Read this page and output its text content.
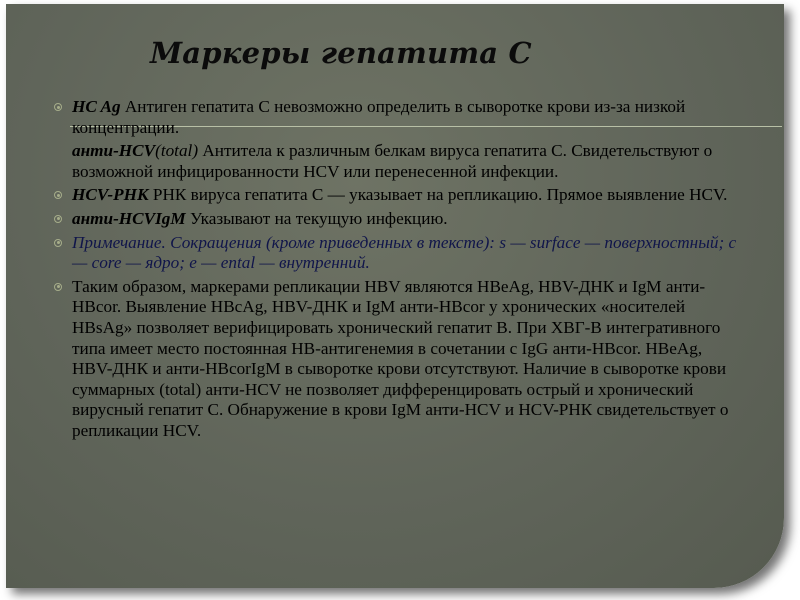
Маркеры гепатита С
HC Ag Антиген гепатита С невозможно определить в сыворотке крови из-за низкой концентрации.
анти-HCV(total) Антитела к различным белкам вируса гепатита С. Свидетельствуют о возможной инфицированности HCV или перенесенной инфекции.
HCV-РНК РНК вируса гепатита С — указывает на репликацию. Прямое выявление HCV.
анти-HCVIgM Указывают на текущую инфекцию.
Примечание. Сокращения (кроме приведенных в тексте): s — surface — поверхностный; с — core — ядро; е — ental — внутренний.
Таким образом, маркерами репликации HBV являются HBeAg, HBV-ДНК и IgM анти-HBcor. Выявление HBcAg, HBV-ДНК и IgM анти-HBcor у хронических «носителей HBsAg» позволяет верифицировать хронический гепатит В. При ХВГ-В интегративного типа имеет место постоянная HB-антигенемия в сочетании с IgG анти-HBcor. HBeAg, HBV-ДНК и анти-HBcorIgM в сыворотке крови отсутствуют. Наличие в сыворотке крови суммарных (total) анти-HCV не позволяет дифференцировать острый и хронический вирусный гепатит С. Обнаружение в крови IgM анти-HCV и HCV-РНК свидетельствует о репликации HCV.
